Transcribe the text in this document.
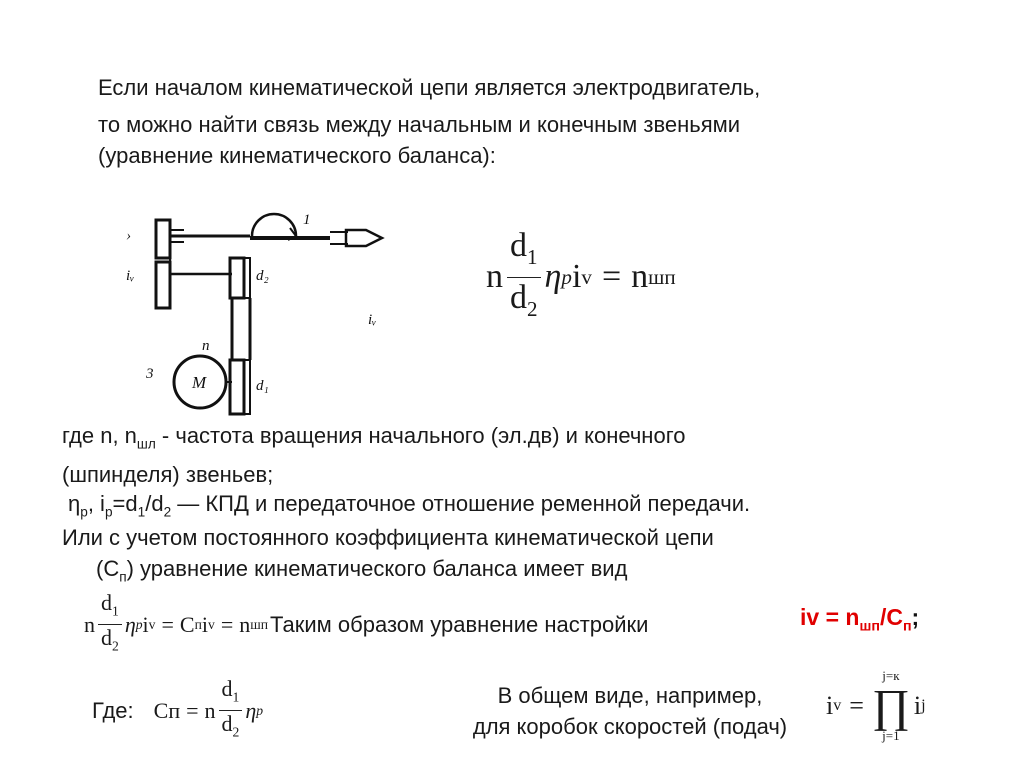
Если началом кинематической цепи является электродвигатель,
то можно найти связь между начальным и конечным звеньями
(уравнение кинематического баланса):
›
iᵥ
1
d₂
n
3 M	d₁
iᵥ
n $\frac{d_1}{d_2}$ η p i v = n шп
где n, $n_{шл}$ - частота вращения начального (эл.дв) и конечного
(шпинделя) звеньев;
$\eta_p$, $i_p=d_1/d_2$ — КПД и передаточное отношение ременной передачи.
Или с учетом постоянного коэффициента кинематической цепи
$(С_п)$ уравнение кинематического баланса имеет вид
n $\frac{d_1}{d_2}$ η p i v = C п i v = n шп Таким образом уравнение настройки	iv = $n_{шп}/C_п$;
Где: Cп = n $\frac{d_1}{d_2}$ η p
В общем виде, например,
для коробок скоростей (подач)
i v =
j=к
∏
j=1
i j
